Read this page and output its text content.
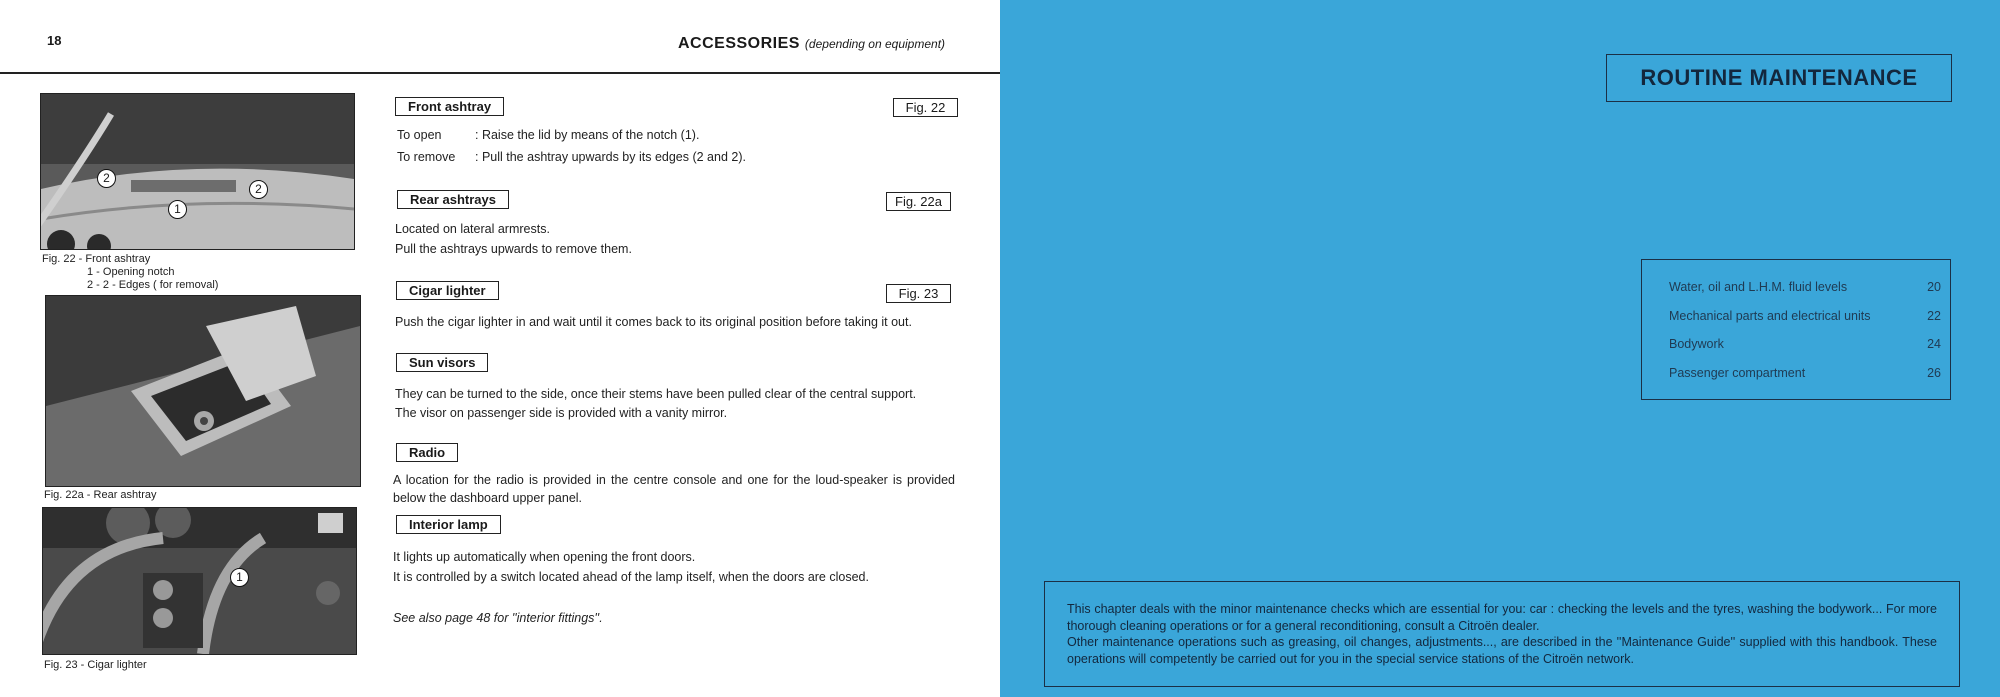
18	ACCESSORIES (depending on equipment)
2
2
1
Fig. 22 - Front ashtray
1 - Opening notch
2 - 2 - Edges ( for removal)
Fig. 22a - Rear ashtray
1
Fig. 23 - Cigar lighter
Front ashtray	Fig. 22
To open	: Raise the lid by means of the notch (1).
To remove : Pull the ashtray upwards by its edges (2 and 2).
Rear ashtrays	Fig. 22a
Located on lateral armrests.
Pull the ashtrays upwards to remove them.
Cigar lighter	Fig. 23
Push the cigar lighter in and wait until it comes back to its original position before taking it out.
Sun visors
They can be turned to the side, once their stems have been pulled clear of the central support.
The visor on passenger side is provided with a vanity mirror.
Radio
A location for the radio is provided in the centre console and one for the loud-speaker is provided below the dashboard upper panel.
Interior lamp
It lights up automatically when opening the front doors.
It is controlled by a switch located ahead of the lamp itself, when the doors are closed.
See also page 48 for ''interior fittings''.
ROUTINE MAINTENANCE
Water, oil and L.H.M. fluid levels	20
Mechanical parts and electrical units	22
Bodywork	24
Passenger compartment	26
This chapter deals with the minor maintenance checks which are essential for you: car : checking the levels and the tyres, washing the bodywork... For more thorough cleaning operations or for a general reconditioning, consult a Citroën dealer.
Other maintenance operations such as greasing, oil changes, adjustments..., are described in the ''Maintenance Guide'' supplied with this handbook. These operations will competently be carried out for you in the special service stations of the Citroën network.
